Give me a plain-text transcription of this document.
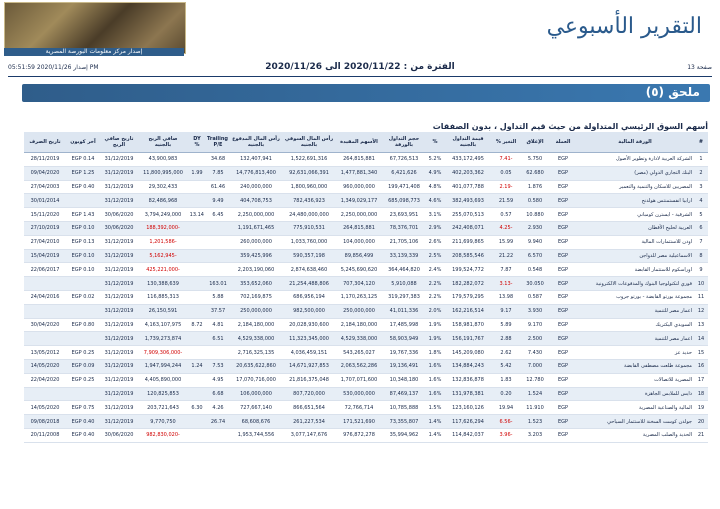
إصدار مركز معلومات البورصة المصرية
التقرير الأسبوعي
صفحة 13
إصدار 2020/11/26 05:51:59 PM	الفترة من : 2020/11/22 الى 2020/11/26
ملحق (٥)
أسهم السوق الرئيسي المتداولة من حيث قيم التداول ، بدون الصفقات
#	الورقة المالية	العملة	الإغلاق	التغير %	قيمة التداول بالجنيه	%	حجم التداول بالورقة	الأسهم المقيدة	رأس المال السوقي بالجنيه	رأس المال المدفوع بالجنيه	Trailing P/E	DY %	صافي الربح بالجنيه	تاريخ صافي الربح	آخر كوبون	تاريخ الصرف
1	الشركة العربية لادارة وتطوير الأصول	EGP	5.750	-7.41	433,172,495	5.2%	67,726,513	264,815,881	1,522,691,316	132,407,941	34.68		43,900,983	31/12/2019	EGP 0.14	28/11/2019
2	البنك التجاري الدولي (مصر)	EGP	62.680	0.05	402,203,362	4.9%	6,421,626	1,477,881,340	92,631,066,391	14,776,813,400	7.85	1.99	11,800,995,000	31/12/2019	EGP 1.25	09/04/2020
3	المصريين للاسكان والتنمية والتعمير	EGP	1.876	-2.19	401,077,788	4.8%	199,471,408	960,000,000	1,800,960,000	240,000,000	61.46		29,302,433	31/12/2019	EGP 0.40	27/04/2003
4	ارابيا انفستمنتس هولدنج	EGP	0.580	21.59	382,493,693	4.6%	685,098,773	1,349,029,177	782,436,923	404,708,753	9.49		82,486,968	31/12/2019		30/01/2014
5	الشرقية - ايسترن كومباني	EGP	10.880	0.57	255,070,513	3.1%	23,693,951	2,250,000,000	24,480,000,000	2,250,000,000	6.45	13.14	3,794,249,000	30/06/2020	EGP 1.43	15/11/2020
6	العربية لحليج الأقطان	EGP	2.930	-4.25	242,408,071	2.9%	78,376,701	264,815,881	775,910,531	1,191,671,465			-188,392,000	30/06/2020	EGP 0.10	27/10/2019
7	اودن للاستثمارات المالية	EGP	9.940	15.99	211,699,865	2.6%	21,705,106	104,000,000	1,033,760,000	260,000,000			-1,201,586	31/12/2019	EGP 0.13	27/04/2010
8	الاسماعيلية مصر للدواجن	EGP	6.570	21.22	208,585,546	2.5%	33,139,339	89,856,499	590,357,198	359,425,996			-5,162,945	31/12/2019	EGP 0.10	15/04/2019
9	اوراسكوم للاستثمار القابضة	EGP	0.548	7.87	199,524,772	2.4%	364,464,820	5,245,690,620	2,874,638,460	2,203,190,060			-425,221,000	31/12/2019	EGP 0.10	22/06/2017
10	فوري لتكنولوجيا البنوك والمدفوعات الالكترونية	EGP	30.050	-3.13	182,282,072	2.2%	5,910,088	707,304,120	21,254,488,806	353,652,060	163.01		130,388,639	31/12/2019		
11	مجموعة بورتو القابضة - بورتو جروب	EGP	0.587	13.98	179,579,295	2.2%	319,297,383	1,170,263,125	686,956,194	702,169,875	5.88		116,885,313	31/12/2019	EGP 0.02	24/04/2016
12	اعمار مصر للتنمية	EGP	3.930	9.17	162,216,514	2.0%	41,011,336	250,000,000	982,500,000	250,000,000	37.57		26,150,591	31/12/2019		
13	السويدي اليكتريك	EGP	9.170	5.89	158,981,870	1.9%	17,485,998	2,184,180,000	20,028,930,600	2,184,180,000	4.81	8.72	4,163,107,975	31/12/2019	EGP 0.80	30/04/2020
14	اعمار مصر للتنمية	EGP	2.500	2.88	156,191,767	1.9%	58,903,949	4,529,338,000	11,323,345,000	4,529,338,000	6.51		1,739,273,874	31/12/2019		
15	حديد عز	EGP	7.430	2.62	145,209,080	1.8%	19,767,336	543,265,027	4,036,459,151	2,716,325,135			-7,909,306,000	31/12/2019	EGP 0.25	13/05/2012
16	مجموعة طلعت مصطفى القابضة	EGP	7.000	5.42	134,884,243	1.6%	19,136,491	2,063,562,286	14,671,927,853	20,635,622,860	7.53	1.24	1,947,994,244	31/12/2019	EGP 0.09	14/05/2020
17	المصرية للاتصالات	EGP	12.780	1.83	132,836,878	1.6%	10,348,180	1,707,071,600	21,816,375,048	17,070,716,000	4.95		4,405,890,000	31/12/2019	EGP 0.25	22/04/2020
18	دايس للملابس الجاهزة	EGP	1.524	0.20	131,978,381	1.6%	87,469,137	530,000,000	807,720,000	106,000,000	6.68		120,825,853	31/12/2019		
19	المالية والصناعية المصرية	EGP	11.910	19.94	123,160,126	1.5%	10,785,888	72,766,714	866,651,564	727,667,140	4.26	6.30	203,721,643	31/12/2019	EGP 0.75	14/05/2020
20	جولدن كوست السخنة للاستثمار السياحي	EGP	1.523	-6.56	117,626,294	1.4%	73,355,807	171,521,690	261,227,534	68,608,676	26.74		9,770,750	31/12/2019	EGP 0.40	09/08/2018
21	الحديد والصلب المصرية	EGP	3.203	-3.96	114,842,037	1.4%	35,994,962	976,872,278	3,077,147,676	1,953,744,556			-982,830,020	30/06/2020	EGP 0.40	20/11/2008
